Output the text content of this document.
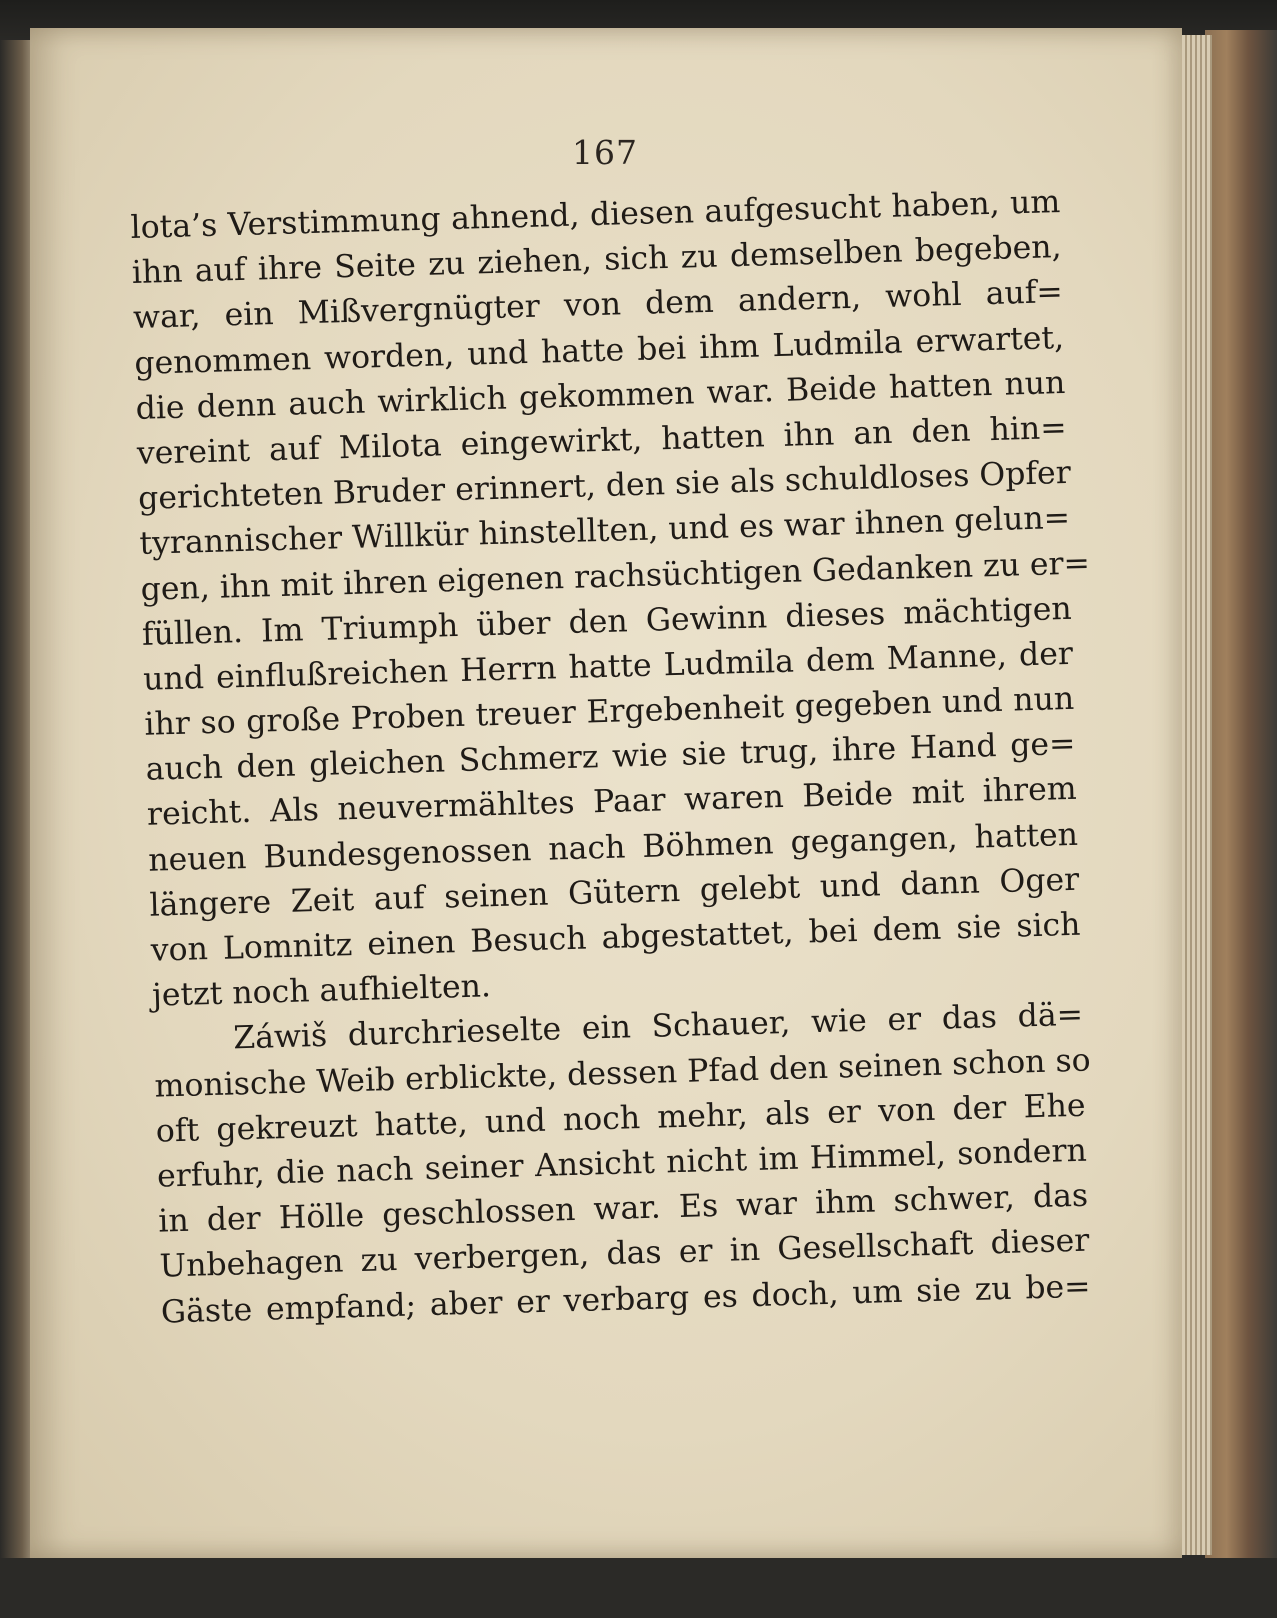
167
lota’s Verstimmung ahnend, diesen aufgesucht haben, um
ihn auf ihre Seite zu ziehen, sich zu demselben begeben,
war, ein Mißvergnügter von dem andern, wohl auf=
genommen worden, und hatte bei ihm Ludmila erwartet,
die denn auch wirklich gekommen war. Beide hatten nun
vereint auf Milota eingewirkt, hatten ihn an den hin=
gerichteten Bruder erinnert, den sie als schuldloses Opfer
tyrannischer Willkür hinstellten, und es war ihnen gelun=
gen, ihn mit ihren eigenen rachsüchtigen Gedanken zu er=
füllen. Im Triumph über den Gewinn dieses mächtigen
und einflußreichen Herrn hatte Ludmila dem Manne, der
ihr so große Proben treuer Ergebenheit gegeben und nun
auch den gleichen Schmerz wie sie trug, ihre Hand ge=
reicht. Als neuvermähltes Paar waren Beide mit ihrem
neuen Bundesgenossen nach Böhmen gegangen, hatten
längere Zeit auf seinen Gütern gelebt und dann Oger
von Lomnitz einen Besuch abgestattet, bei dem sie sich
jetzt noch aufhielten.
Záwiš durchrieselte ein Schauer, wie er das dä=
monische Weib erblickte, dessen Pfad den seinen schon so
oft gekreuzt hatte, und noch mehr, als er von der Ehe
erfuhr, die nach seiner Ansicht nicht im Himmel, sondern
in der Hölle geschlossen war. Es war ihm schwer, das
Unbehagen zu verbergen, das er in Gesellschaft dieser
Gäste empfand; aber er verbarg es doch, um sie zu be=
